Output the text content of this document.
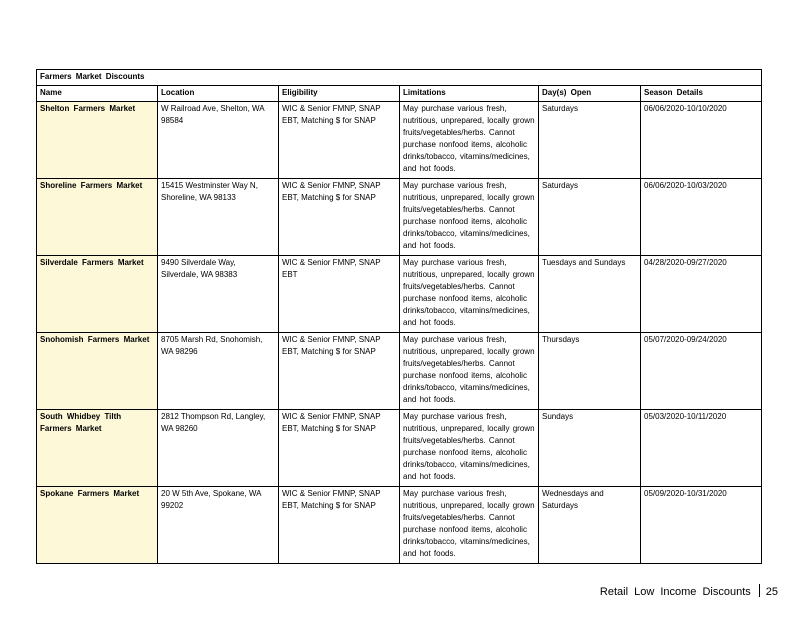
Farmers Market Discounts					
Name	Location	Eligibility	Limitations	Day(s) Open	Season Details
Shelton Farmers Market	W Railroad Ave, Shelton, WA 98584	WIC & Senior FMNP, SNAP EBT, Matching $ for SNAP	May purchase various fresh, nutritious, unprepared, locally grown fruits/vegetables/herbs. Cannot purchase nonfood items, alcoholic drinks/tobacco, vitamins/medicines, and hot foods.	Saturdays	06/06/2020-10/10/2020
Shoreline Farmers Market	15415 Westminster Way N, Shoreline, WA 98133	WIC & Senior FMNP, SNAP EBT, Matching $ for SNAP	May purchase various fresh, nutritious, unprepared, locally grown fruits/vegetables/herbs. Cannot purchase nonfood items, alcoholic drinks/tobacco, vitamins/medicines, and hot foods.	Saturdays	06/06/2020-10/03/2020
Silverdale Farmers Market	9490 Silverdale Way, Silverdale, WA 98383	WIC & Senior FMNP, SNAP EBT	May purchase various fresh, nutritious, unprepared, locally grown fruits/vegetables/herbs. Cannot purchase nonfood items, alcoholic drinks/tobacco, vitamins/medicines, and hot foods.	Tuesdays and Sundays	04/28/2020-09/27/2020
Snohomish Farmers Market	8705 Marsh Rd, Snohomish, WA 98296	WIC & Senior FMNP, SNAP EBT, Matching $ for SNAP	May purchase various fresh, nutritious, unprepared, locally grown fruits/vegetables/herbs. Cannot purchase nonfood items, alcoholic drinks/tobacco, vitamins/medicines, and hot foods.	Thursdays	05/07/2020-09/24/2020
South Whidbey Tilth Farmers Market	2812 Thompson Rd, Langley, WA 98260	WIC & Senior FMNP, SNAP EBT, Matching $ for SNAP	May purchase various fresh, nutritious, unprepared, locally grown fruits/vegetables/herbs. Cannot purchase nonfood items, alcoholic drinks/tobacco, vitamins/medicines, and hot foods.	Sundays	05/03/2020-10/11/2020
Spokane Farmers Market	20 W 5th Ave, Spokane, WA 99202	WIC & Senior FMNP, SNAP EBT, Matching $ for SNAP	May purchase various fresh, nutritious, unprepared, locally grown fruits/vegetables/herbs. Cannot purchase nonfood items, alcoholic drinks/tobacco, vitamins/medicines, and hot foods.	Wednesdays and Saturdays	05/09/2020-10/31/2020
Retail Low Income Discounts 25
